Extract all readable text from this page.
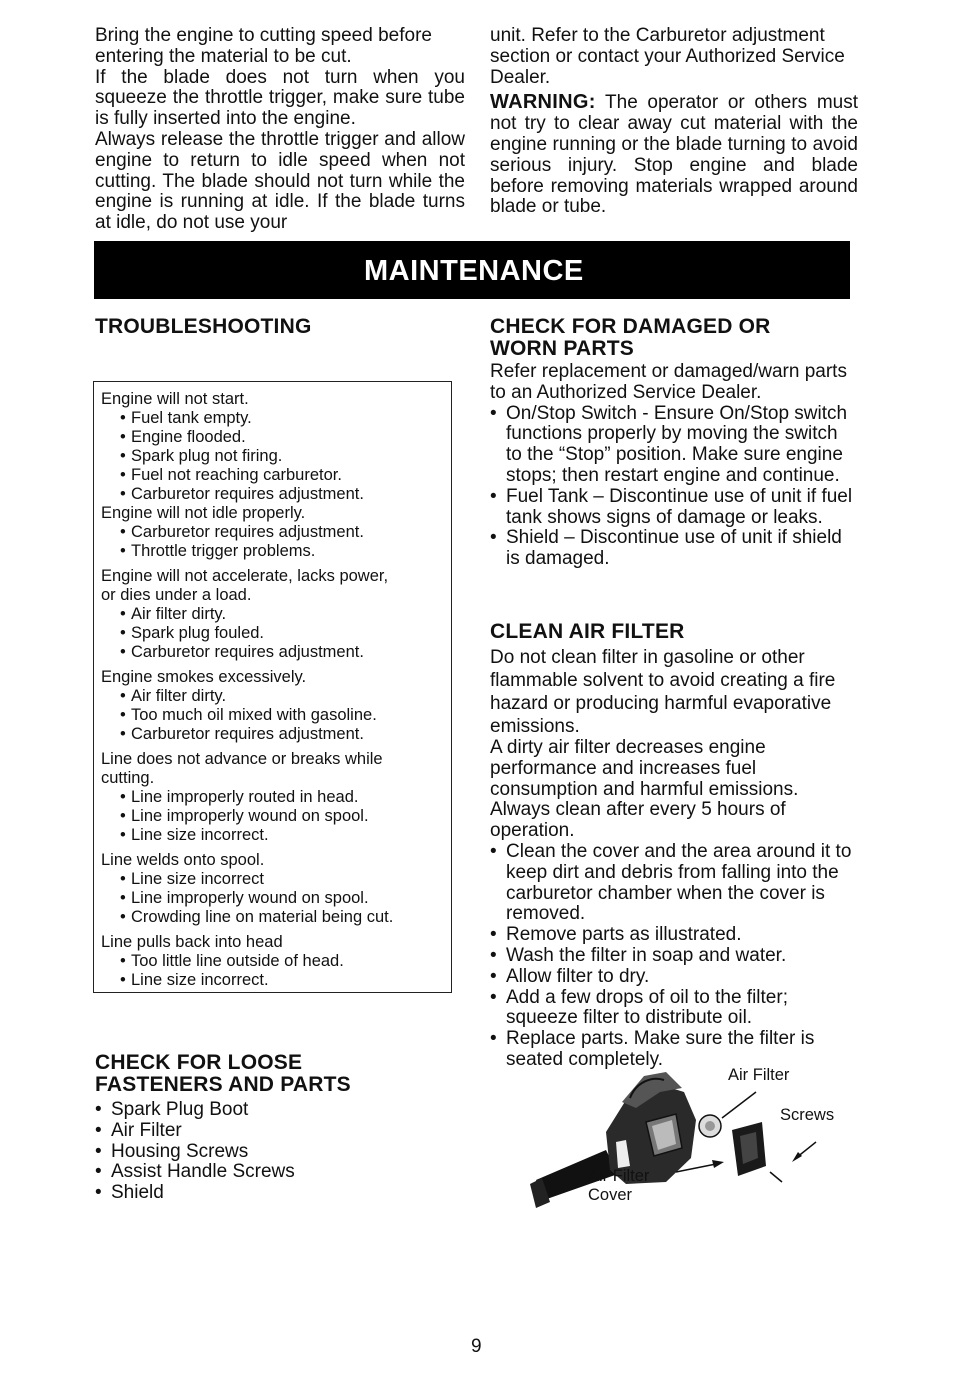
Bring the engine to cutting speed before entering the material to be cut.

If the blade does not turn when you squeeze the throttle trigger, make sure tube is fully inserted into the engine.

Always release the throttle trigger and allow engine to return to idle speed when not cutting. The blade should not turn while the engine is running at idle. If the blade turns at idle, do not use your

unit. Refer to the Carburetor adjustment section or contact your Authorized Service Dealer.

WARNING: The operator or others must not try to clear away cut material with the engine running or the blade turning to avoid serious injury. Stop engine and blade before removing materials wrapped around blade or tube.

MAINTENANCE
TROUBLESHOOTING
Engine will not start.
• Fuel tank empty.
• Engine flooded.
• Spark plug not firing.
• Fuel not reaching carburetor.
• Carburetor requires adjustment.
Engine will not idle properly.
• Carburetor requires adjustment.
• Throttle trigger problems.
Engine will not accelerate, lacks power, or dies under a load.
• Air filter dirty.
• Spark plug fouled.
• Carburetor requires adjustment.
Engine smokes excessively.
• Air filter dirty.
• Too much oil mixed with gasoline.
• Carburetor requires adjustment.
Line does not advance or breaks while cutting.
• Line improperly routed in head.
• Line improperly wound on spool.
• Line size incorrect.
Line welds onto spool.
• Line size incorrect
• Line improperly wound on spool.
• Crowding line on material being cut.
Line pulls back into head
• Too little line outside of head.
• Line size incorrect.
CHECK FOR LOOSE
FASTENERS AND PARTS
• Spark Plug Boot
• Air Filter
• Housing Screws
• Assist Handle Screws
• Shield
CHECK FOR DAMAGED OR
WORN PARTS

Refer replacement or damaged/warn parts to an Authorized Service Dealer.

• On/Stop Switch - Ensure On/Stop switch functions properly by moving the switch to the “Stop” position. Make sure engine stops; then restart engine and continue.
• Fuel Tank – Discontinue use of unit if fuel tank shows signs of damage or leaks.
• Shield – Discontinue use of unit if shield is damaged.
CLEAN AIR FILTER

Do not clean filter in gasoline or other flammable solvent to avoid creating a fire hazard or producing harmful evaporative emissions.

A dirty air filter decreases engine performance and increases fuel consumption and harmful emissions. Always clean after every 5 hours of operation.

• Clean the cover and the area around it to keep dirt and debris from falling into the carburetor chamber when the cover is removed.
• Remove parts as illustrated.
• Wash the filter in soap and water.
• Allow filter to dry.
• Add a few drops of oil to the filter; squeeze filter to distribute oil.
• Replace parts. Make sure the filter is seated completely.
Air Filter
Screws
Air Filter
Cover
9
